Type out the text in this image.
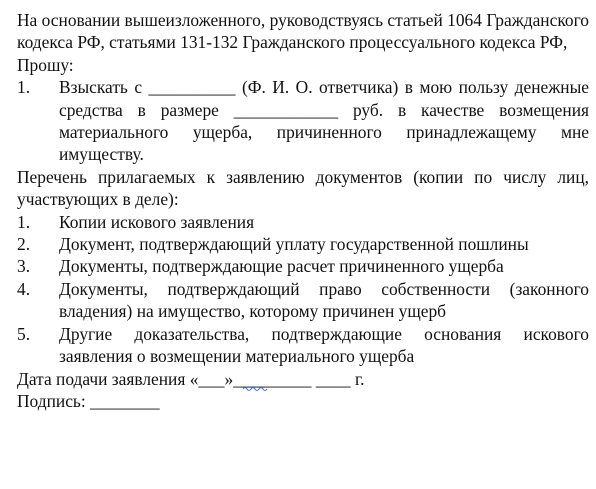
На основании вышеизложенного, руководствуясь статьей 1064 Гражданского кодекса РФ, статьями 131-132 Гражданского процессуального кодекса РФ,

Прошу:

1.	Взыскать с __________ (Ф. И. О. ответчика) в мою пользу денежные средства в размере ____________ руб. в качестве возмещения материального ущерба, причиненного принадлежащему мне имуществу.

Перечень прилагаемых к заявлению документов (копии по числу лиц, участвующих в деле):

1.	Копии искового заявления
2.	Документ, подтверждающий уплату государственной пошлины
3.	Документы, подтверждающие расчет причиненного ущерба
4.	Документы, подтверждающий право собственности (законного владения) на имущество, которому причинен ущерб
5.	Другие доказательства, подтверждающие основания искового заявления о возмещении материального ущерба

Дата подачи заявления «___»_________ ____ г.

Подпись: ________
